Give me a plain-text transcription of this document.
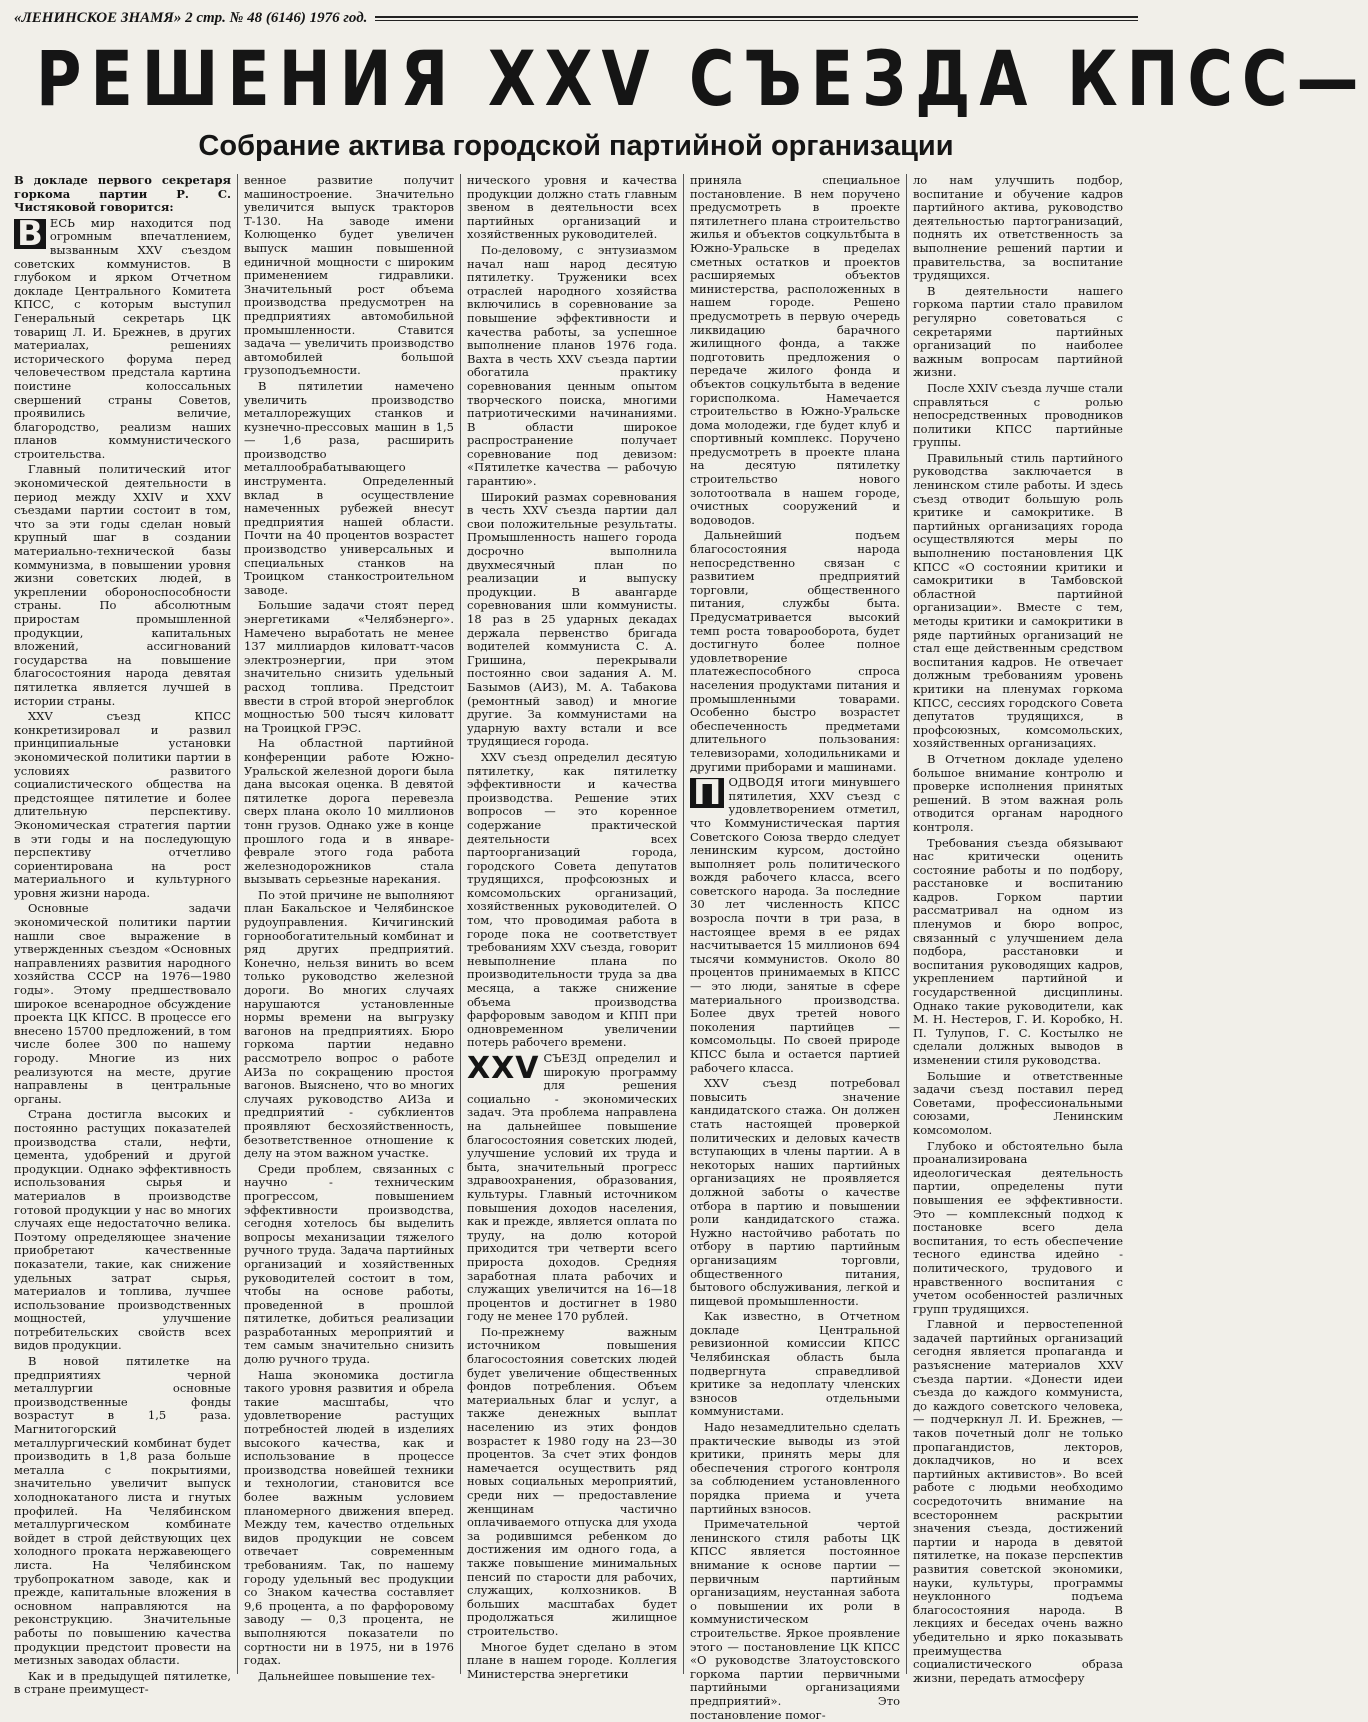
«ЛЕНИНСКОЕ ЗНАМЯ» 2 стр. № 48 (6146) 1976 год.
РЕШЕНИЯ XXV СЪЕЗДА КПСС—
Собрание актива городской партийной организации

В докладе первого секретаря горкома партии Р. С. Чистяковой говорится:

В ЕСЬ мир находится под огромным впечатлением, вызванным XXV съездом советских коммунистов. В глубоком и ярком Отчетном докладе Центрального Комитета КПСС, с которым выступил Генеральный секретарь ЦК товарищ Л. И. Брежнев, в других материалах, решениях исторического форума перед человечеством предстала картина поистине колоссальных свершений страны Советов, проявились величие, благородство, реализм наших планов коммунистического строительства.

Главный политический итог экономической деятельности в период между XXIV и XXV съездами партии состоит в том, что за эти годы сделан новый крупный шаг в создании материально-технической базы коммунизма, в повышении уровня жизни советских людей, в укреплении обороноспособности страны. По абсолютным приростам промышленной продукции, капитальных вложений, ассигнований государства на повышение благосостояния народа девятая пятилетка является лучшей в истории страны.

XXV съезд КПСС конкретизировал и развил принципиальные установки экономической политики партии в условиях развитого социалистического общества на предстоящее пятилетие и более длительную перспективу. Экономическая стратегия партии в эти годы и на последующую перспективу отчетливо сориентирована на рост материального и культурного уровня жизни народа.

Основные задачи экономической политики партии нашли свое выражение в утвержденных съездом «Основных направлениях развития народного хозяйства СССР на 1976—1980 годы». Этому предшествовало широкое всенародное обсуждение проекта ЦК КПСС. В процессе его внесено 15700 предложений, в том числе более 300 по нашему городу. Многие из них реализуются на месте, другие направлены в центральные органы.

Страна достигла высоких и постоянно растущих показателей производства стали, нефти, цемента, удобрений и другой продукции. Однако эффективность использования сырья и материалов в производстве готовой продукции у нас во многих случаях еще недостаточно велика. Поэтому определяющее значение приобретают качественные показатели, такие, как снижение удельных затрат сырья, материалов и топлива, лучшее использование производственных мощностей, улучшение потребительских свойств всех видов продукции.

В новой пятилетке на предприятиях черной металлургии основные производственные фонды возрастут в 1,5 раза. Магнитогорский металлургический комбинат будет производить в 1,8 раза больше металла с покрытиями, значительно увеличит выпуск холоднокатаного листа и гнутых профилей. На Челябинском металлургическом комбинате войдет в строй действующих цех холодного проката нержавеющего листа. На Челябинском трубопрокатном заводе, как и прежде, капитальные вложения в основном направляются на реконструкцию. Значительные работы по повышению качества продукции предстоит провести на метизных заводах области.

Как и в предыдущей пятилетке, в стране преимущест-

венное развитие получит машиностроение. Значительно увеличится выпуск тракторов Т-130. На заводе имени Колющенко будет увеличен выпуск машин повышенной единичной мощности с широким применением гидравлики. Значительный рост объема производства предусмотрен на предприятиях автомобильной промышленности. Ставится задача — увеличить производство автомобилей большой грузоподъемности.

В пятилетии намечено увеличить производство металлорежущих станков и кузнечно-прессовых машин в 1,5 — 1,6 раза, расширить производство металлообрабатывающего инструмента. Определенный вклад в осуществление намеченных рубежей внесут предприятия нашей области. Почти на 40 процентов возрастет производство универсальных и специальных станков на Троицком станкостроительном заводе.

Большие задачи стоят перед энергетиками «Челябэнерго». Намечено выработать не менее 137 миллиардов киловатт-часов электроэнергии, при этом значительно снизить удельный расход топлива. Предстоит ввести в строй второй энергоблок мощностью 500 тысяч киловатт на Троицкой ГРЭС.

На областной партийной конференции работе Южно-Уральской железной дороги была дана высокая оценка. В девятой пятилетке дорога перевезла сверх плана около 10 миллионов тонн грузов. Однако уже в конце прошлого года и в январе-феврале этого года работа железнодорожников стала вызывать серьезные нарекания.

По этой причине не выполняют план Бакальское и Челябинское рудоуправления. Кичигинский горнообогатительный комбинат и ряд других предприятий. Конечно, нельзя винить во всем только руководство железной дороги. Во многих случаях нарушаются установленные нормы времени на выгрузку вагонов на предприятиях. Бюро горкома партии недавно рассмотрело вопрос о работе АИЗа по сокращению простоя вагонов. Выяснено, что во многих случаях руководство АИЗа и предприятий - субклиентов проявляют бесхозяйственность, безответственное отношение к делу на этом важном участке.

Среди проблем, связанных с научно - техническим прогрессом, повышением эффективности производства, сегодня хотелось бы выделить вопросы механизации тяжелого ручного труда. Задача партийных организаций и хозяйственных руководителей состоит в том, чтобы на основе работы, проведенной в прошлой пятилетке, добиться реализации разработанных мероприятий и тем самым значительно снизить долю ручного труда.

Наша экономика достигла такого уровня развития и обрела такие масштабы, что удовлетворение растущих потребностей людей в изделиях высокого качества, как и использование в процессе производства новейшей техники и технологии, становится все более важным условием планомерного движения вперед. Между тем, качество отдельных видов продукции не совсем отвечает современным требованиям. Так, по нашему городу удельный вес продукции со Знаком качества составляет 9,6 процента, а по фарфоровому заводу — 0,3 процента, не выполняются показатели по сортности ни в 1975, ни в 1976 годах.

Дальнейшее повышение тех-

нического уровня и качества продукции должно стать главным звеном в деятельности всех партийных организаций и хозяйственных руководителей.

По-деловому, с энтузиазмом начал наш народ десятую пятилетку. Труженики всех отраслей народного хозяйства включились в соревнование за повышение эффективности и качества работы, за успешное выполнение планов 1976 года. Вахта в честь XXV съезда партии обогатила практику соревнования ценным опытом творческого поиска, многими патриотическими начинаниями. В области широкое распространение получает соревнование под девизом: «Пятилетке качества — рабочую гарантию».

Широкий размах соревнования в честь XXV съезда партии дал свои положительные результаты. Промышленность нашего города досрочно выполнила двухмесячный план по реализации и выпуску продукции. В авангарде соревнования шли коммунисты. 18 раз в 25 ударных декадах держала первенство бригада водителей коммуниста С. А. Гришина, перекрывали постоянно свои задания А. М. Базымов (АИЗ), М. А. Табакова (ремонтный завод) и многие другие. За коммунистами на ударную вахту встали и все трудящиеся города.

XXV съезд определил десятую пятилетку, как пятилетку эффективности и качества производства. Решение этих вопросов — это коренное содержание практической деятельности всех партоорганизаций города, городского Совета депутатов трудящихся, профсоюзных и комсомольских организаций, хозяйственных руководителей. О том, что проводимая работа в городе пока не соответствует требованиям XXV съезда, говорит невыполнение плана по производительности труда за два месяца, а также снижение объема производства фарфоровым заводом и КПП при одновременном увеличении потерь рабочего времени.

XXV СЪЕЗД определил и широкую программу для решения социально - экономических задач. Эта проблема направлена на дальнейшее повышение благосостояния советских людей, улучшение условий их труда и быта, значительный прогресс здравоохранения, образования, культуры. Главный источником повышения доходов населения, как и прежде, является оплата по труду, на долю которой приходится три четверти всего прироста доходов. Средняя заработная плата рабочих и служащих увеличится на 16—18 процентов и достигнет в 1980 году не менее 170 рублей.

По-прежнему важным источником повышения благосостояния советских людей будет увеличение общественных фондов потребления. Объем материальных благ и услуг, а также денежных выплат населению из этих фондов возрастет к 1980 году на 23—30 процентов. За счет этих фондов намечается осуществить ряд новых социальных мероприятий, среди них — предоставление женщинам частично оплачиваемого отпуска для ухода за родившимся ребенком до достижения им одного года, а также повышение минимальных пенсий по старости для рабочих, служащих, колхозников. В больших масштабах будет продолжаться жилищное строительство.

Многое будет сделано в этом плане в нашем городе. Коллегия Министерства энергетики

приняла специальное постановление. В нем поручено предусмотреть в проекте пятилетнего плана строительство жилья и объектов соцкультбыта в Южно-Уральске в пределах сметных остатков и проектов расширяемых объектов министерства, расположенных в нашем городе. Решено предусмотреть в первую очередь ликвидацию барачного жилищного фонда, а также подготовить предложения о передаче жилого фонда и объектов соцкультбыта в ведение горисполкома. Намечается строительство в Южно-Уральске дома молодежи, где будет клуб и спортивный комплекс. Поручено предусмотреть в проекте плана на десятую пятилетку строительство нового золотоотвала в нашем городе, очистных сооружений и водоводов.

Дальнейший подъем благосостояния народа непосредственно связан с развитием предприятий торговли, общественного питания, службы быта. Предусматривается высокий темп роста товарооборота, будет достигнуто более полное удовлетворение платежеспособного спроса населения продуктами питания и промышленными товарами. Особенно быстро возрастет обеспеченность предметами длительного пользования: телевизорами, холодильниками и другими приборами и машинами.

П ОДВОДЯ итоги минувшего пятилетия, XXV съезд с удовлетворением отметил, что Коммунистическая партия Советского Союза твердо следует ленинским курсом, достойно выполняет роль политического вождя рабочего класса, всего советского народа. За последние 30 лет численность КПСС возросла почти в три раза, в настоящее время в ее рядах насчитывается 15 миллионов 694 тысячи коммунистов. Около 80 процентов принимаемых в КПСС — это люди, занятые в сфере материального производства. Более двух третей нового поколения партийцев — комсомольцы. По своей природе КПСС была и остается партией рабочего класса.

XXV съезд потребовал повысить значение кандидатского стажа. Он должен стать настоящей проверкой политических и деловых качеств вступающих в члены партии. А в некоторых наших партийных организациях не проявляется должной заботы о качестве отбора в партию и повышении роли кандидатского стажа. Нужно настойчиво работать по отбору в партию партийным организациям торговли, общественного питания, бытового обслуживания, легкой и пищевой промышленности.

Как известно, в Отчетном докладе Центральной ревизионной комиссии КПСС Челябинская область была подвергнута справедливой критике за недоплату членских взносов отдельными коммунистами.

Надо незамедлительно сделать практические выводы из этой критики, принять меры для обеспечения строгого контроля за соблюдением установленного порядка приема и учета партийных взносов.

Примечательной чертой ленинского стиля работы ЦК КПСС является постоянное внимание к основе партии — первичным партийным организациям, неустанная забота о повышении их роли в коммунистическом строительстве. Яркое проявление этого — постановление ЦК КПСС «О руководстве Златоустовского горкома партии первичными партийными организациями предприятий». Это постановление помог-

ло нам улучшить подбор, воспитание и обучение кадров партийного актива, руководство деятельностью партогранизаций, поднять их ответственность за выполнение решений партии и правительства, за воспитание трудящихся.

В деятельности нашего горкома партии стало правилом регулярно советоваться с секретарями партийных организаций по наиболее важным вопросам партийной жизни.

После XXIV съезда лучше стали справляться с ролью непосредственных проводников политики КПСС партийные группы.

Правильный стиль партийного руководства заключается в ленинском стиле работы. И здесь съезд отводит большую роль критике и самокритике. В партийных организациях города осуществляются меры по выполнению постановления ЦК КПСС «О состоянии критики и самокритики в Тамбовской областной партийной организации». Вместе с тем, методы критики и самокритики в ряде партийных организаций не стал еще действенным средством воспитания кадров. Не отвечает должным требованиям уровень критики на пленумах горкома КПСС, сессиях городского Совета депутатов трудящихся, в профсоюзных, комсомольских, хозяйственных организациях.

В Отчетном докладе уделено большое внимание контролю и проверке исполнения принятых решений. В этом важная роль отводится органам народного контроля.

Требования съезда обязывают нас критически оценить состояние работы и по подбору, расстановке и воспитанию кадров. Горком партии рассматривал на одном из пленумов и бюро вопрос, связанный с улучшением дела подбора, расстановки и воспитания руководящих кадров, укреплением партийной и государственной дисциплины. Однако такие руководители, как М. Н. Нестеров, Г. И. Коробко, Н. П. Тулупов, Г. С. Костылко не сделали должных выводов в изменении стиля руководства.

Большие и ответственные задачи съезд поставил перед Советами, профессиональными союзами, Ленинским комсомолом.

Глубоко и обстоятельно была проанализирована идеологическая деятельность партии, определены пути повышения ее эффективности. Это — комплексный подход к постановке всего дела воспитания, то есть обеспечение тесного единства идейно - политического, трудового и нравственного воспитания с учетом особенностей различных групп трудящихся.

Главной и первостепенной задачей партийных организаций сегодня является пропаганда и разъяснение материалов XXV съезда партии. «Донести идеи съезда до каждого коммуниста, до каждого советского человека, — подчеркнул Л. И. Брежнев, — таков почетный долг не только пропагандистов, лекторов, докладчиков, но и всех партийных активистов». Во всей работе с людьми необходимо сосредоточить внимание на всестороннем раскрытии значения съезда, достижений партии и народа в девятой пятилетке, на показе перспектив развития советской экономики, науки, культуры, программы неуклонного подъема благосостояния народа. В лекциях и беседах очень важно убедительно и ярко показывать преимущества социалистического образа жизни, передать атмосферу
